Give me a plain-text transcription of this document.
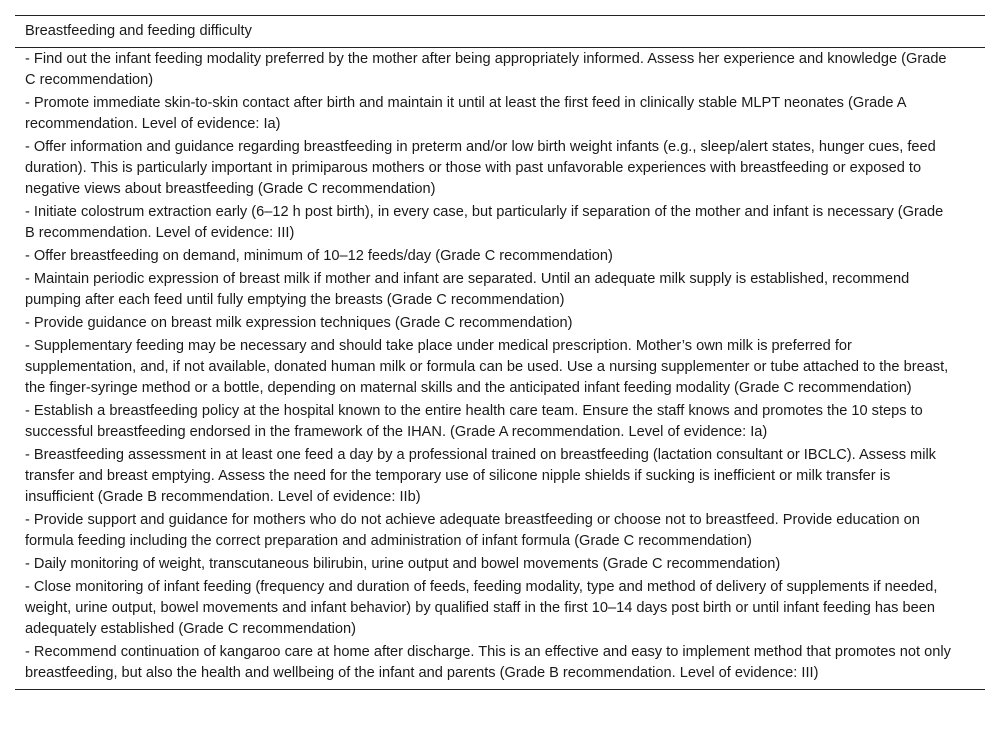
Breastfeeding and feeding difficulty
- Find out the infant feeding modality preferred by the mother after being appropriately informed. Assess her experience and knowledge (Grade C recommendation)
- Promote immediate skin-to-skin contact after birth and maintain it until at least the first feed in clinically stable MLPT neonates (Grade A recommendation. Level of evidence: Ia)
- Offer information and guidance regarding breastfeeding in preterm and/or low birth weight infants (e.g., sleep/alert states, hunger cues, feed duration). This is particularly important in primiparous mothers or those with past unfavorable experiences with breastfeeding or exposed to negative views about breastfeeding (Grade C recommendation)
- Initiate colostrum extraction early (6–12 h post birth), in every case, but particularly if separation of the mother and infant is necessary (Grade B recommendation. Level of evidence: III)
- Offer breastfeeding on demand, minimum of 10–12 feeds/day (Grade C recommendation)
- Maintain periodic expression of breast milk if mother and infant are separated. Until an adequate milk supply is established, recommend pumping after each feed until fully emptying the breasts (Grade C recommendation)
- Provide guidance on breast milk expression techniques (Grade C recommendation)
- Supplementary feeding may be necessary and should take place under medical prescription. Mother’s own milk is preferred for supplementation, and, if not available, donated human milk or formula can be used. Use a nursing supplementer or tube attached to the breast, the finger-syringe method or a bottle, depending on maternal skills and the anticipated infant feeding modality (Grade C recommendation)
- Establish a breastfeeding policy at the hospital known to the entire health care team. Ensure the staff knows and promotes the 10 steps to successful breastfeeding endorsed in the framework of the IHAN. (Grade A recommendation. Level of evidence: Ia)
- Breastfeeding assessment in at least one feed a day by a professional trained on breastfeeding (lactation consultant or IBCLC). Assess milk transfer and breast emptying. Assess the need for the temporary use of silicone nipple shields if sucking is inefficient or milk transfer is insufficient (Grade B recommendation. Level of evidence: IIb)
- Provide support and guidance for mothers who do not achieve adequate breastfeeding or choose not to breastfeed. Provide education on formula feeding including the correct preparation and administration of infant formula (Grade C recommendation)
- Daily monitoring of weight, transcutaneous bilirubin, urine output and bowel movements (Grade C recommendation)
- Close monitoring of infant feeding (frequency and duration of feeds, feeding modality, type and method of delivery of supplements if needed, weight, urine output, bowel movements and infant behavior) by qualified staff in the first 10–14 days post birth or until infant feeding has been adequately established (Grade C recommendation)
- Recommend continuation of kangaroo care at home after discharge. This is an effective and easy to implement method that promotes not only breastfeeding, but also the health and wellbeing of the infant and parents (Grade B recommendation. Level of evidence: III)
